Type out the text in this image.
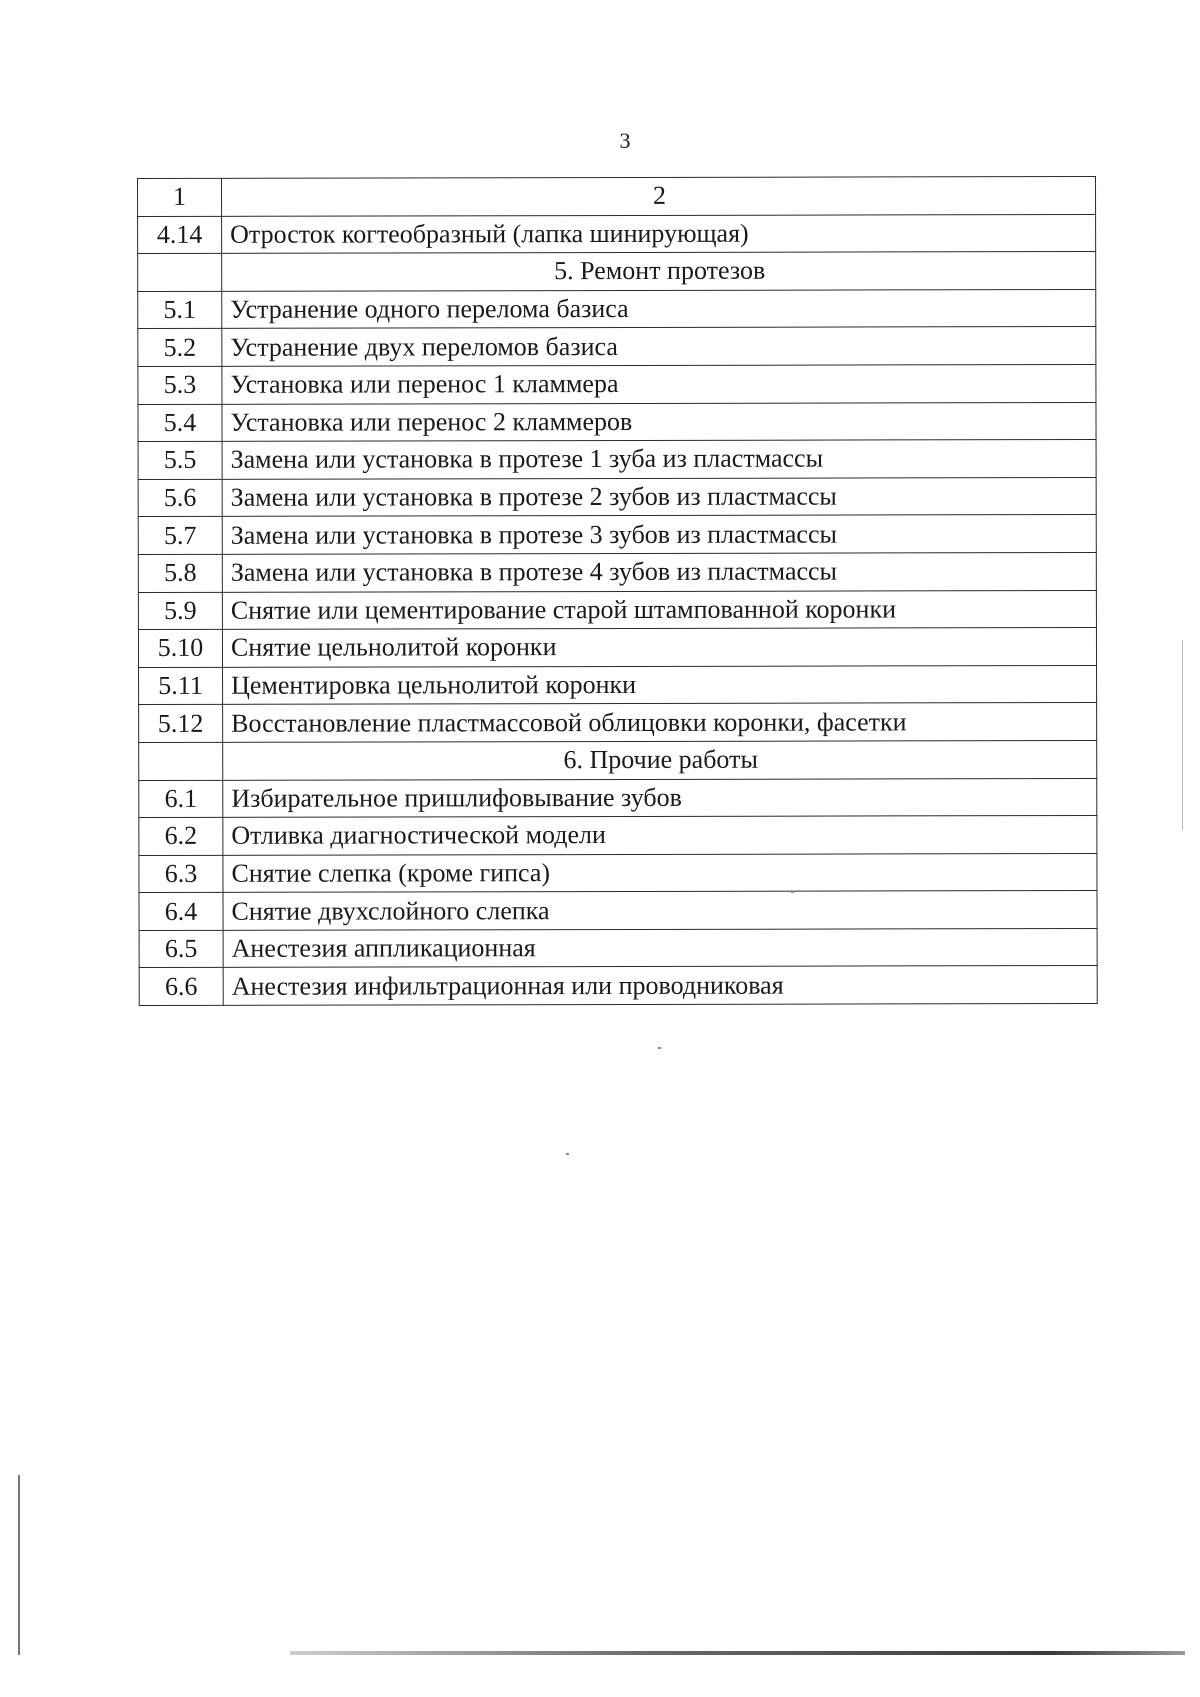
3
1	2
4.14	Отросток когтеобразный (лапка шинирующая)
	5. Ремонт протезов
5.1	Устранение одного перелома базиса
5.2	Устранение двух переломов базиса
5.3	Установка или перенос 1 кламмера
5.4	Установка или перенос 2 кламмеров
5.5	Замена или установка в протезе 1 зуба из пластмассы
5.6	Замена или установка в протезе 2 зубов из пластмассы
5.7	Замена или установка в протезе 3 зубов из пластмассы
5.8	Замена или установка в протезе 4 зубов из пластмассы
5.9	Снятие или цементирование старой штампованной коронки
5.10	Снятие цельнолитой коронки
5.11	Цементировка цельнолитой коронки
5.12	Восстановление пластмассовой облицовки коронки, фасетки
	6. Прочие работы
6.1	Избирательное пришлифовывание зубов
6.2	Отливка диагностической модели
6.3	Снятие слепка (кроме гипса)
6.4	Снятие двухслойного слепка
6.5	Анестезия аппликационная
6.6	Анестезия инфильтрационная или проводниковая
